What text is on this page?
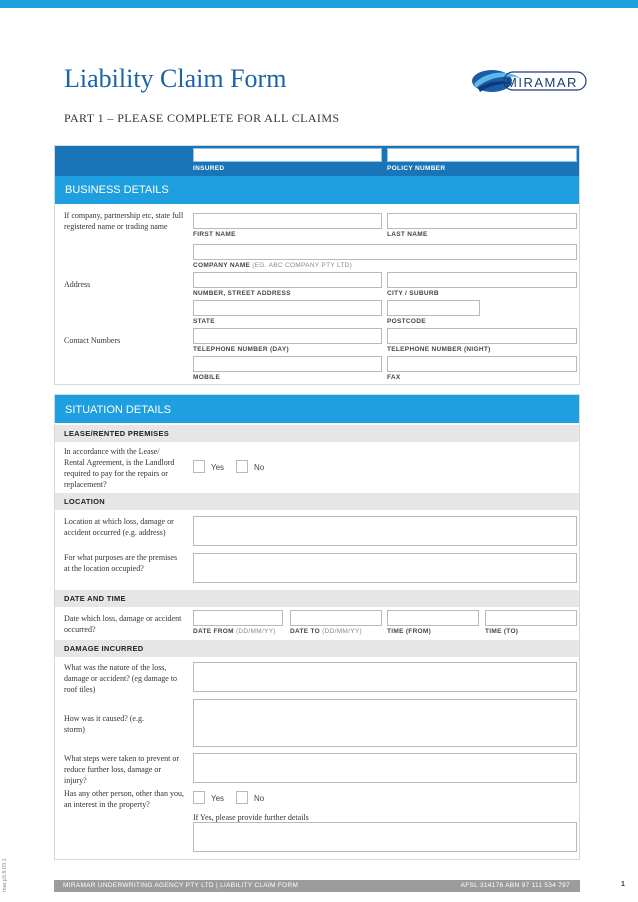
Liability Claim Form	MIRAMAR
PART 1 – PLEASE COMPLETE FOR ALL CLAIMS
INSURED	POLICY NUMBER
BUSINESS DETAILS
If company, partnership etc, state full registered name or trading name
FIRST NAME	LAST NAME
COMPANY NAME (EG. ABC COMPANY PTY LTD)
Address
NUMBER, STREET ADDRESS	CITY / SUBURB
STATE	POSTCODE
Contact Numbers
TELEPHONE NUMBER (DAY)	TELEPHONE NUMBER (NIGHT)
MOBILE	FAX
SITUATION DETAILS
LEASE/RENTED PREMISES
In accordance with the Lease/ Rental Agreement, is the Landlord required to pay for the repairs or replacement?
Yes	No
LOCATION
Location at which loss, damage or accident occurred (e.g. address)
For what purposes are the premises at the location occupied?
DATE AND TIME
Date which loss, damage or accident occurred?	DATE FROM (DD/MM/YY) DATE TO (DD/MM/YY)	TIME (FROM)	TIME (TO)
DAMAGE INCURRED
What was the nature of the loss, damage or accident? (eg damage to roof tiles)
How was it caused? (e.g. storm)
What steps were taken to prevent or reduce further loss, damage or injury?
Has any other person, other than you, an interest in the property?
Yes	No
If Yes, please provide further details
MIRAMAR UNDERWRITING AGENCY PTY LTD | LIABILITY CLAIM FORM	AFSL 314176 ABN 97 111 534 797	1
mar.p3.8.03.1
